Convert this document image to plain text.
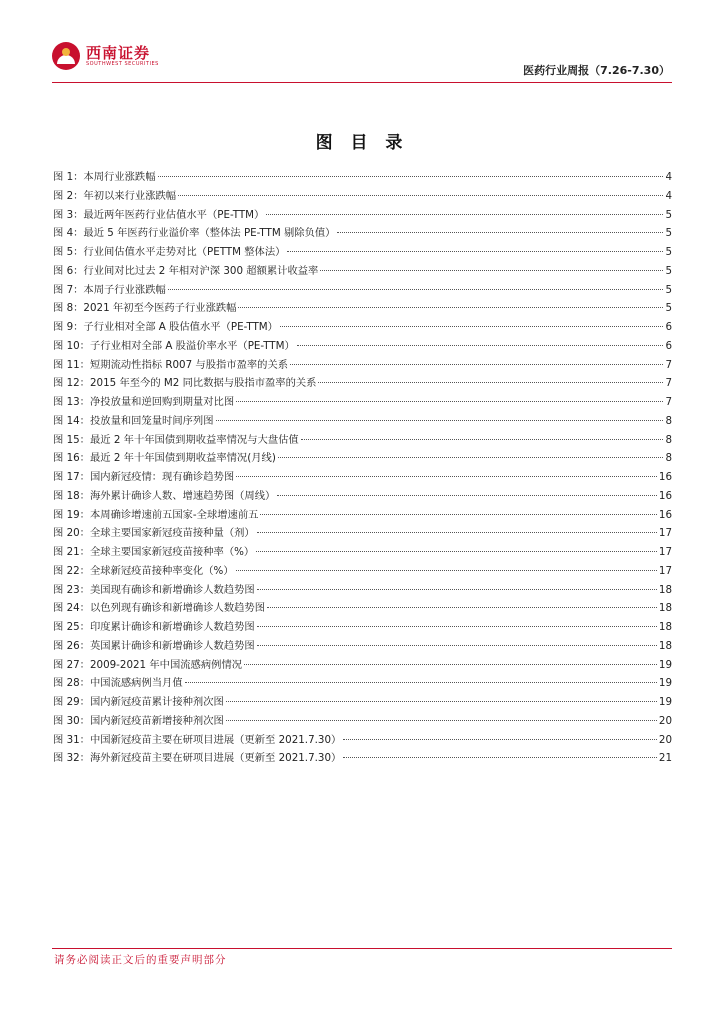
西南证券
SOUTHWEST SECURITIES
医药行业周报（7.26-7.30）
图 目 录
图 1：本周行业涨跌幅	4
图 2：年初以来行业涨跌幅	4
图 3：最近两年医药行业估值水平（PE-TTM）	5
图 4：最近 5 年医药行业溢价率（整体法 PE-TTM 剔除负值）	5
图 5：行业间估值水平走势对比（PETTM 整体法）	5
图 6：行业间对比过去 2 年相对沪深 300 超额累计收益率	5
图 7：本周子行业涨跌幅	5
图 8：2021 年初至今医药子行业涨跌幅	5
图 9：子行业相对全部 A 股估值水平（PE-TTM）	6
图 10：子行业相对全部 A 股溢价率水平（PE-TTM）	6
图 11：短期流动性指标 R007 与股指市盈率的关系	7
图 12：2015 年至今的 M2 同比数据与股指市盈率的关系	7
图 13：净投放量和逆回购到期量对比图	7
图 14：投放量和回笼量时间序列图	8
图 15：最近 2 年十年国债到期收益率情况与大盘估值	8
图 16：最近 2 年十年国债到期收益率情况(月线)	8
图 17：国内新冠疫情：现有确诊趋势图	16
图 18：海外累计确诊人数、增速趋势图（周线）	16
图 19：本周确诊增速前五国家-全球增速前五	16
图 20：全球主要国家新冠疫苗接种量（剂）	17
图 21：全球主要国家新冠疫苗接种率（%）	17
图 22：全球新冠疫苗接种率变化（%）	17
图 23：美国现有确诊和新增确诊人数趋势图	18
图 24：以色列现有确诊和新增确诊人数趋势图	18
图 25：印度累计确诊和新增确诊人数趋势图	18
图 26：英国累计确诊和新增确诊人数趋势图	18
图 27：2009-2021 年中国流感病例情况	19
图 28：中国流感病例当月值	19
图 29：国内新冠疫苗累计接种剂次图	19
图 30：国内新冠疫苗新增接种剂次图	20
图 31：中国新冠疫苗主要在研项目进展（更新至 2021.7.30）	20
图 32：海外新冠疫苗主要在研项目进展（更新至 2021.7.30）	21
请务必阅读正文后的重要声明部分
